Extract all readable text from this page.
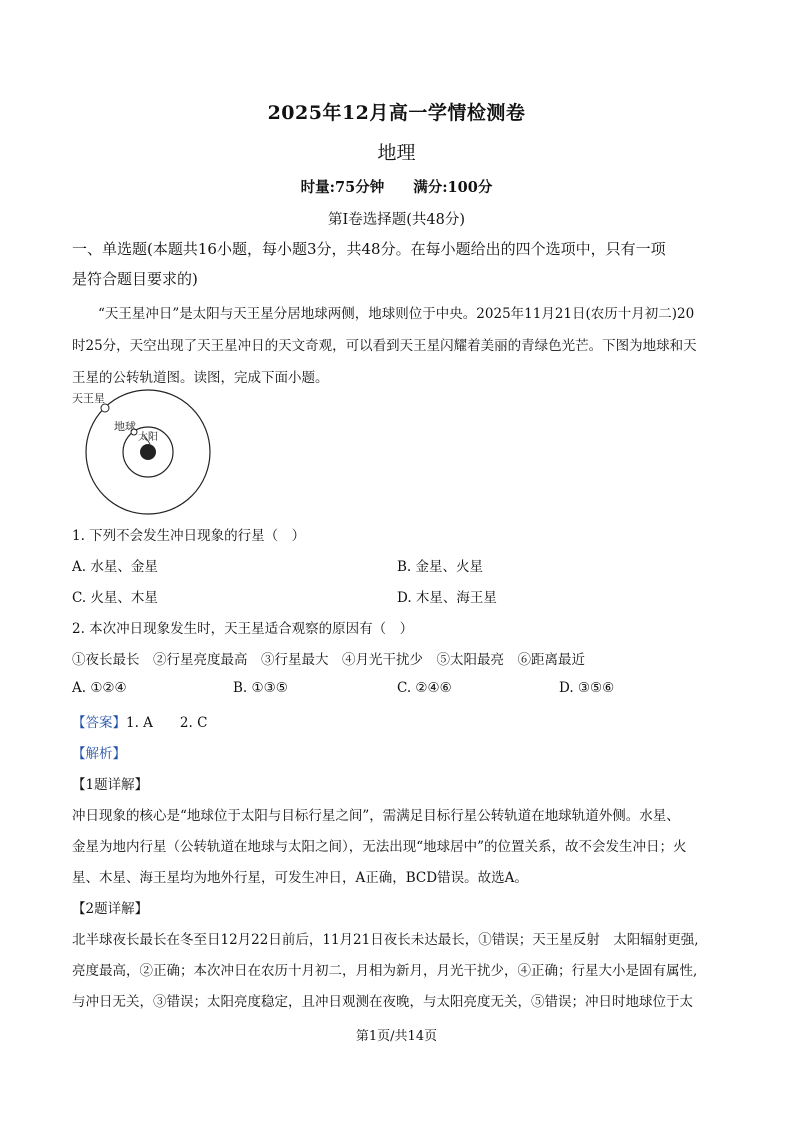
2025年12月高一学情检测卷
地理
时量:75分钟　　满分:100分
第Ⅰ卷选择题(共48分)
一、单选题(本题共16小题，每小题3分，共48分。在每小题给出的四个选项中，只有一项
是符合题目要求的)
“天王星冲日”是太阳与天王星分居地球两侧，地球则位于中央。2025年11月21日(农历十月初二)20
时25分，天空出现了天王星冲日的天文奇观，可以看到天王星闪耀着美丽的青绿色光芒。下图为地球和天
王星的公转轨道图。读图，完成下面小题。
天王星
地球
太阳
1. 下列不会发生冲日现象的行星（　）
A. 水星、金星	B. 金星、火星
C. 火星、木星	D. 木星、海王星
2. 本次冲日现象发生时，天王星适合观察的原因有（　）
①夜长最长　②行星亮度最高　③行星最大　④月光干扰少　⑤太阳最亮　⑥距离最近
A. ①②④	B. ①③⑤	C. ②④⑥	D. ③⑤⑥
【答案】1. A　　2. C
【解析】
【1题详解】
冲日现象的核心是“地球位于太阳与目标行星之间”，需满足目标行星公转轨道在地球轨道外侧。水星、
金星为地内行星（公转轨道在地球与太阳之间），无法出现“地球居中”的位置关系，故不会发生冲日；火
星、木星、海王星均为地外行星，可发生冲日，A正确，BCD错误。故选A。
【2题详解】
北半球夜长最长在冬至日12月22日前后，11月21日夜长未达最长，①错误；天王星反射　太阳辐射更强,
亮度最高，②正确；本次冲日在农历十月初二，月相为新月，月光干扰少，④正确；行星大小是固有属性,
与冲日无关，③错误；太阳亮度稳定，且冲日观测在夜晚，与太阳亮度无关，⑤错误；冲日时地球位于太
第1页/共14页
